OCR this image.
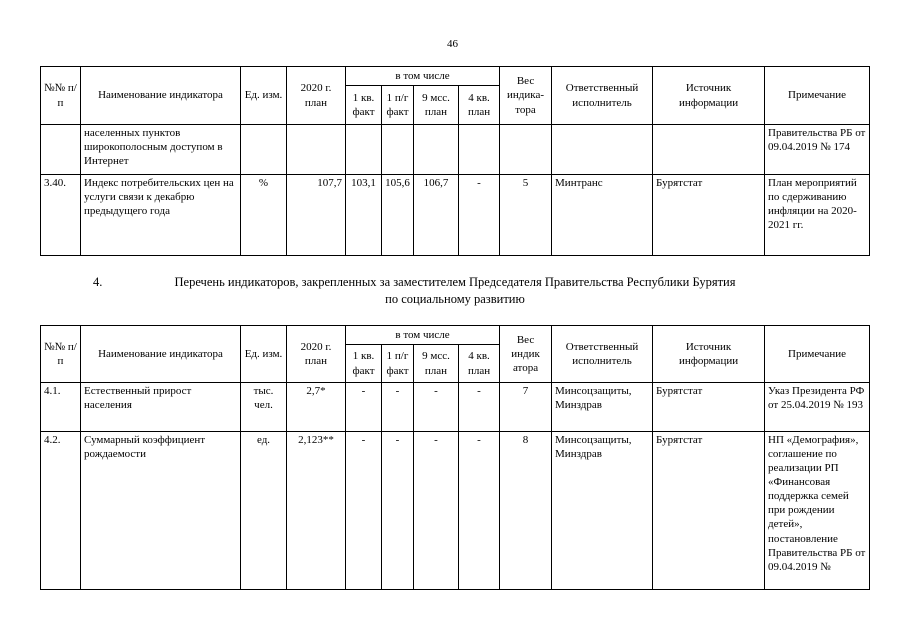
46
№№ п/п	Наименование индикатора	Ед. изм.	2020 г. план	в том числе				Вес индика-тора	Ответственный исполнитель	Источник информации	Примечание
				1 кв. факт	1 п/г факт	9 мсс. план	4 кв. план				
	населенных пунктов широкополосным доступом в Интернет										Правительства РБ от 09.04.2019 № 174
3.40.	Индекс потребительских цен на услуги связи к декабрю предыдущего года	%	107,7	103,1	105,6	106,7	-	5	Минтранс	Бурятстат	План мероприятий по сдерживанию инфляции на 2020- 2021 гг.
4.	Перечень индикаторов, закрепленных за заместителем Председателя Правительства Республики Бурятия
по социальному развитию
№№ п/п	Наименование индикатора	Ед. изм.	2020 г. план	в том числе				Вес индик атора	Ответственный исполнитель	Источник информации	Примечание
				1 кв. факт	1 п/г факт	9 мсс. план	4 кв. план				
4.1.	Естественный прирост населения	тыс. чел.	2,7*	-	-	-	-	7	Минсоцзащиты, Минздрав	Бурятстат	Указ Президента РФ от 25.04.2019 № 193
4.2.	Суммарный коэффициент рождаемости	ед.	2,123**	-	-	-	-	8	Минсоцзащиты, Минздрав	Бурятстат	НП «Демография», соглашение по реализации РП «Финансовая поддержка семей при рождении детей», постановление Правительства РБ от 09.04.2019 №
